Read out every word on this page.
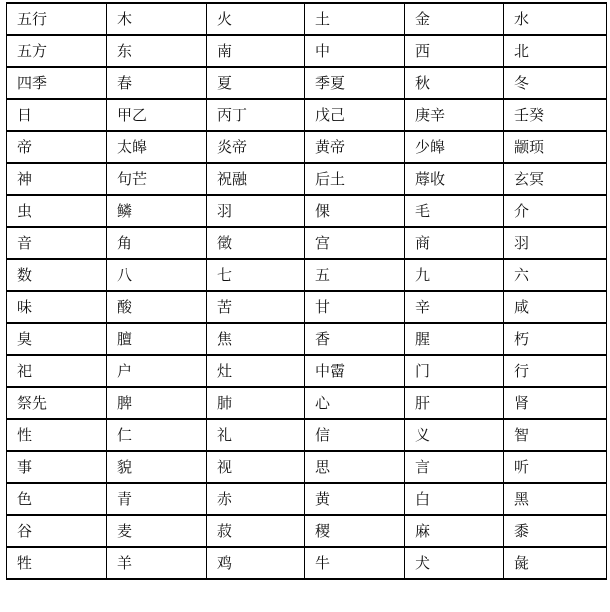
五行	木	火	土	金	水
五方	东	南	中	西	北
四季	春	夏	季夏	秋	冬
日	甲乙	丙丁	戊己	庚辛	壬癸
帝	太皞	炎帝	黄帝	少皞	颛顼
神	句芒	祝融	后土	蓐收	玄冥
虫	鳞	羽	倮	毛	介
音	角	徵	宫	商	羽
数	八	七	五	九	六
味	酸	苦	甘	辛	咸
臭	膻	焦	香	腥	朽
祀	户	灶	中霤	门	行
祭先	脾	肺	心	肝	肾
性	仁	礼	信	义	智
事	貌	视	思	言	听
色	青	赤	黄	白	黑
谷	麦	菽	稷	麻	黍
牲	羊	鸡	牛	犬	彘
